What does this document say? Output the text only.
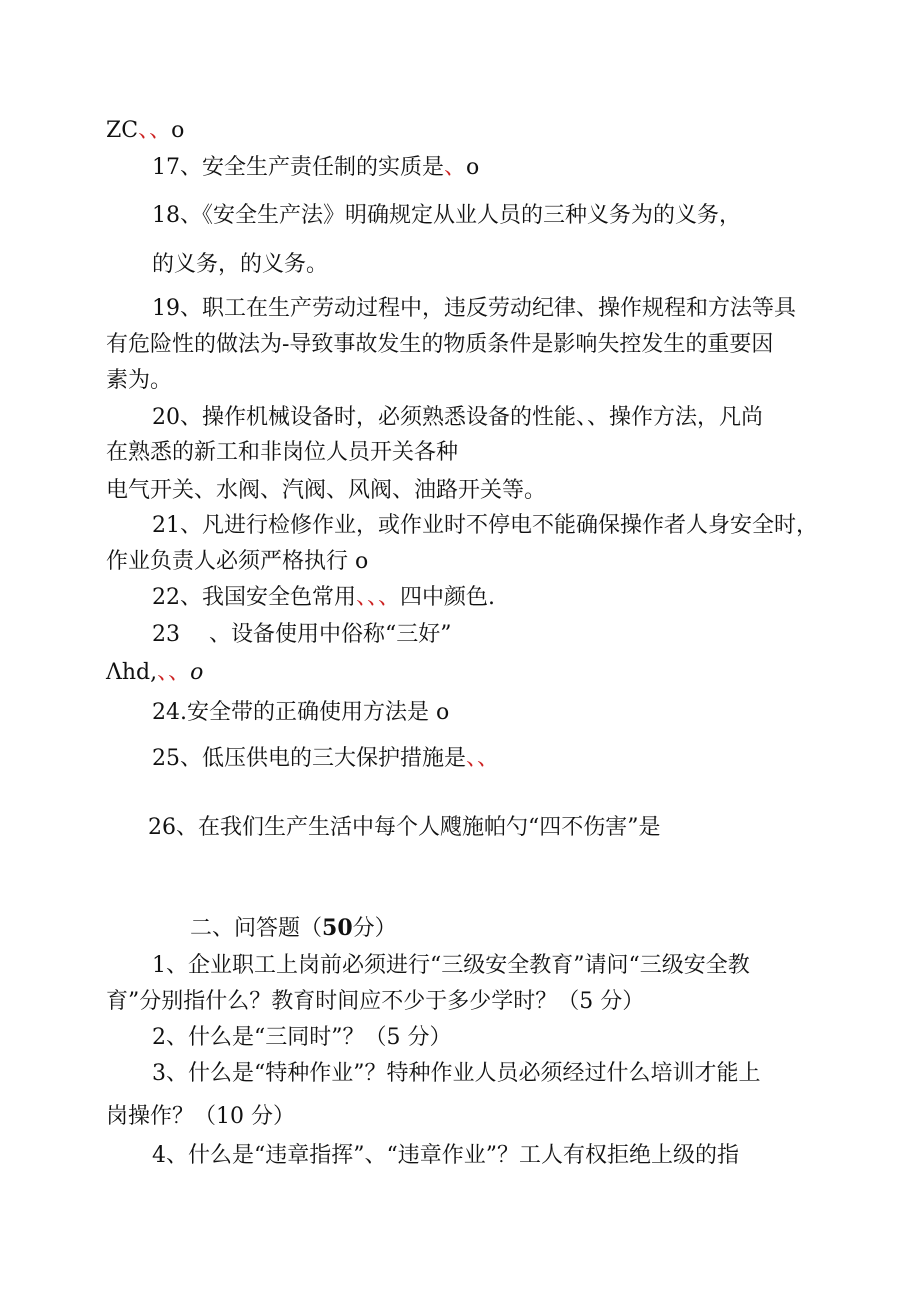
ZC、、o
17、安全生产责任制的实质是、o
18、《安全生产法》明确规定从业人员的三种义务为的义务，
的义务，的义务。
19、职工在生产劳动过程中，违反劳动纪律、操作规程和方法等具
有危险性的做法为-导致事故发生的物质条件是影响失控发生的重要因
素为。
20、操作机械设备时，必须熟悉设备的性能、、操作方法，凡尚
在熟悉的新工和非岗位人员开关各种
电气开关、水阀、汽阀、风阀、油路开关等。
21、凡进行检修作业，或作业时不停电不能确保操作者人身安全时，
作业负责人必须严格执行 o
22、我国安全色常用、、、四中颜色.
23　 、设备使用中俗称“三好”
Λhd,、、o
24.安全带的正确使用方法是 o
25、低压供电的三大保护措施是、、
26、在我们生产生活中每个人飕施帕勺“四不伤害”是
二、问答题（50分）
1、企业职工上岗前必须进行“三级安全教育”请问“三级安全教
育”分别指什么？教育时间应不少于多少学时？（5 分）
2、什么是“三同时”？（5 分）
3、什么是“特种作业”？特种作业人员必须经过什么培训才能上
岗操作？（10 分）
4、什么是“违章指挥”、“违章作业”？工人有权拒绝上级的指
